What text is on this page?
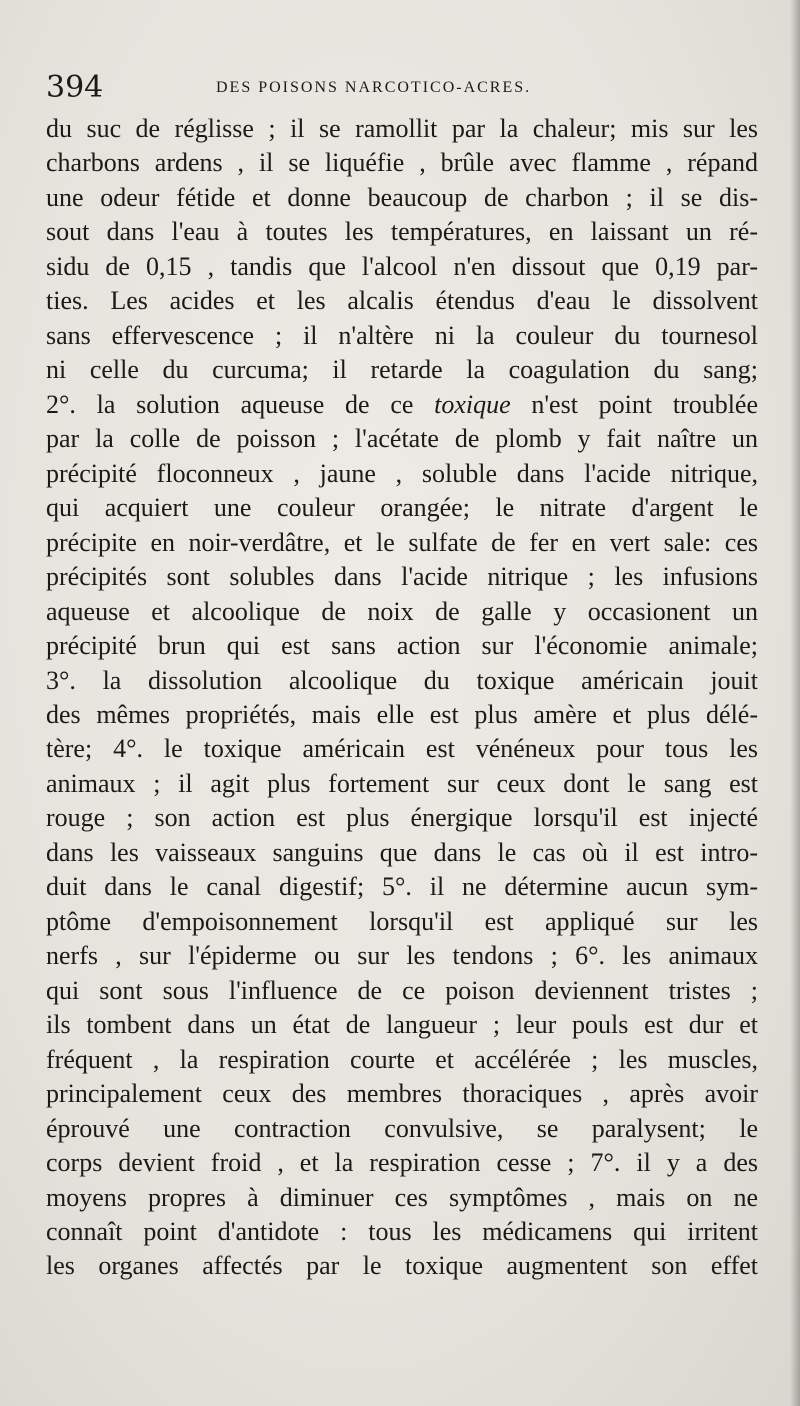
394	DES POISONS NARCOTICO-ACRES.
du suc de réglisse ; il se ramollit par la chaleur; mis sur les
charbons ardens , il se liquéfie , brûle avec flamme , répand
une odeur fétide et donne beaucoup de charbon ; il se dis-
sout dans l'eau à toutes les températures, en laissant un ré-
sidu de 0,15 , tandis que l'alcool n'en dissout que 0,19 par-
ties. Les acides et les alcalis étendus d'eau le dissolvent
sans effervescence ; il n'altère ni la couleur du tournesol
ni celle du curcuma; il retarde la coagulation du sang;
2°. la solution aqueuse de ce toxique n'est point troublée
par la colle de poisson ; l'acétate de plomb y fait naître un
précipité floconneux , jaune , soluble dans l'acide nitrique,
qui acquiert une couleur orangée; le nitrate d'argent le
précipite en noir-verdâtre, et le sulfate de fer en vert sale: ces
précipités sont solubles dans l'acide nitrique ; les infusions
aqueuse et alcoolique de noix de galle y occasionent un
précipité brun qui est sans action sur l'économie animale;
3°. la dissolution alcoolique du toxique américain jouit
des mêmes propriétés, mais elle est plus amère et plus délé-
tère; 4°. le toxique américain est vénéneux pour tous les
animaux ; il agit plus fortement sur ceux dont le sang est
rouge ; son action est plus énergique lorsqu'il est injecté
dans les vaisseaux sanguins que dans le cas où il est intro-
duit dans le canal digestif; 5°. il ne détermine aucun sym-
ptôme d'empoisonnement lorsqu'il est appliqué sur les
nerfs , sur l'épiderme ou sur les tendons ; 6°. les animaux
qui sont sous l'influence de ce poison deviennent tristes ;
ils tombent dans un état de langueur ; leur pouls est dur et
fréquent , la respiration courte et accélérée ; les muscles,
principalement ceux des membres thoraciques , après avoir
éprouvé une contraction convulsive, se paralysent; le
corps devient froid , et la respiration cesse ; 7°. il y a des
moyens propres à diminuer ces symptômes , mais on ne
connaît point d'antidote : tous les médicamens qui irritent
les organes affectés par le toxique augmentent son effet
